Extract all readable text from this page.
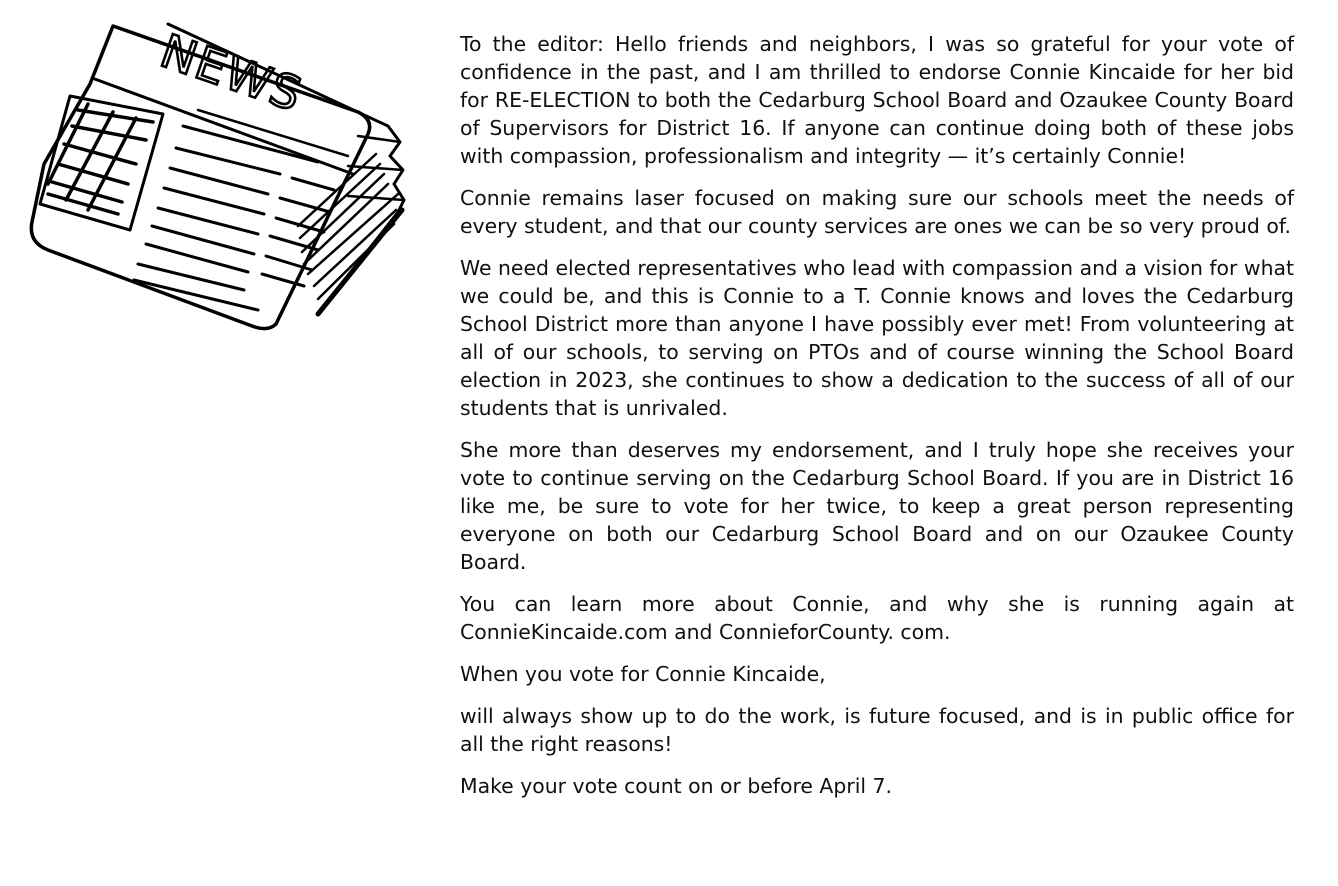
NEWS	To the editor: Hello friends and neighbors, I was so grateful for your vote of confidence in the past, and I am thrilled to endorse Connie Kincaide for her bid for RE-ELECTION to both the Cedarburg School Board and Ozaukee County Board of Supervisors for District 16. If anyone can continue doing both of these jobs with compassion, professionalism and integrity — it’s certainly Connie!

Connie remains laser focused on making sure our schools meet the needs of every student, and that our county services are ones we can be so very proud of.

We need elected representatives who lead with compassion and a vision for what we could be, and this is Connie to a T. Connie knows and loves the Cedarburg School District more than anyone I have possibly ever met! From volunteering at all of our schools, to serving on PTOs and of course winning the School Board election in 2023, she continues to show a dedication to the success of all of our students that is unrivaled.

She more than deserves my endorsement, and I truly hope she receives your vote to continue serving on the Cedarburg School Board. If you are in District 16 like me, be sure to vote for her twice, to keep a great person representing everyone on both our Cedarburg School Board and on our Ozaukee County Board.

You can learn more about Connie, and why she is running again at ConnieKincaide.com and ConnieforCounty. com.

When you vote for Connie Kincaide,

will always show up to do the work, is future focused, and is in public office for all the right reasons!

Make your vote count on or before April 7.
